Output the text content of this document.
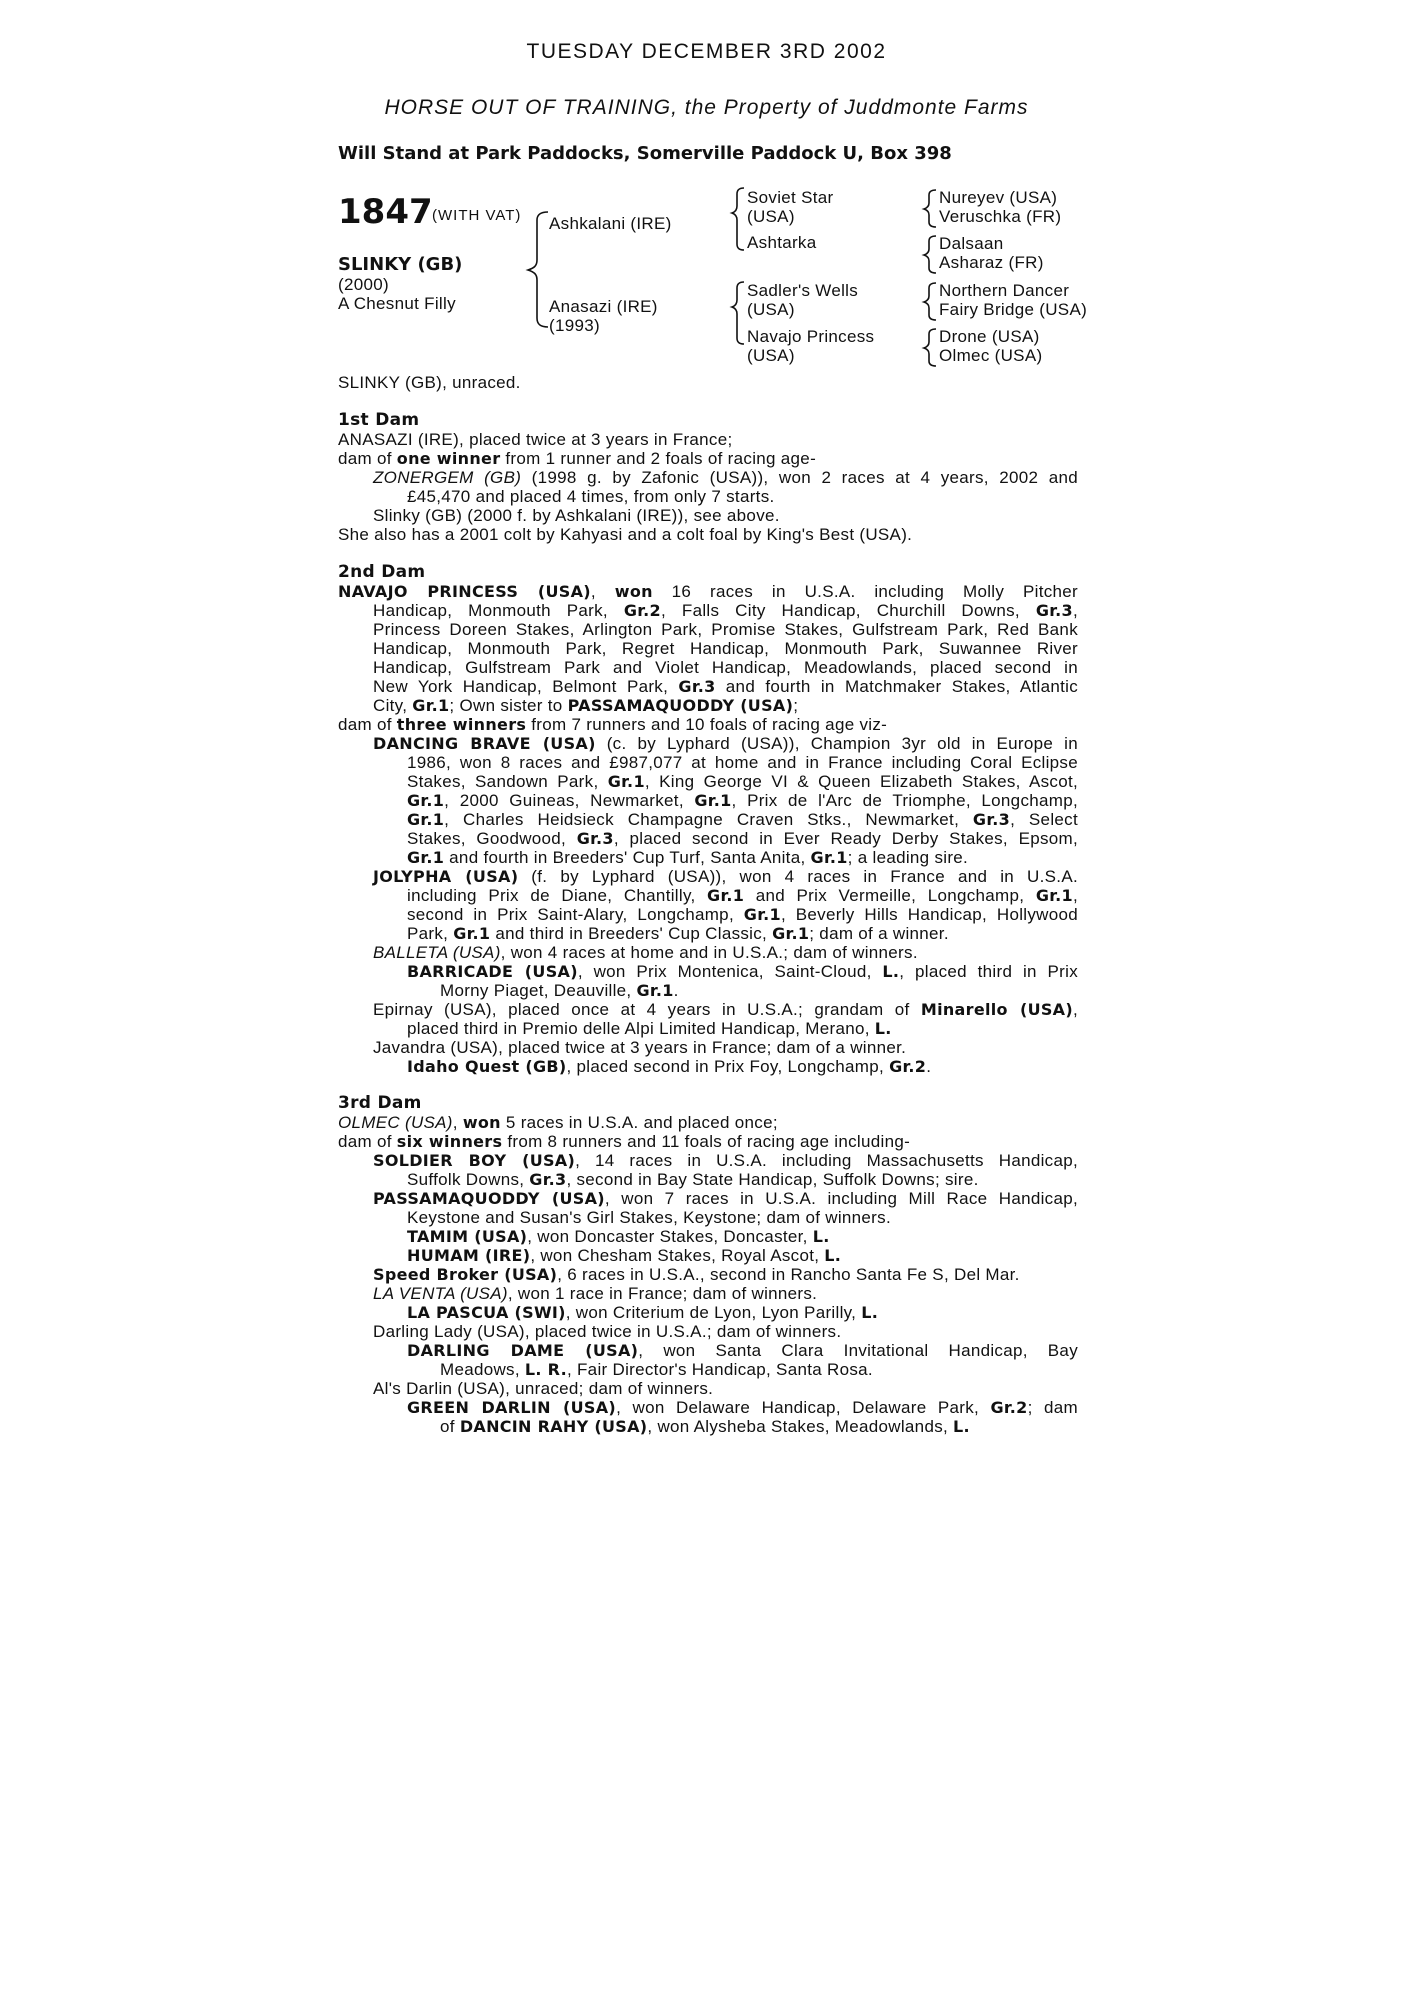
TUESDAY DECEMBER 3RD 2002
HORSE OUT OF TRAINING, the Property of Juddmonte Farms
Will Stand at Park Paddocks, Somerville Paddock U, Box 398
1847 (WITH VAT)
SLINKY (GB)
(2000)
A Chesnut Filly
Ashkalani (IRE)
Anasazi (IRE)
(1993)
Soviet Star
(USA)
Ashtarka
Sadler's Wells
(USA)
Navajo Princess
(USA)
Nureyev (USA)
Veruschka (FR)
Dalsaan
Asharaz (FR)
Northern Dancer
Fairy Bridge (USA)
Drone (USA)
Olmec (USA)
SLINKY (GB), unraced.
1st Dam
ANASAZI (IRE), placed twice at 3 years in France;
dam of one winner from 1 runner and 2 foals of racing age-
ZONERGEM (GB) (1998 g. by Zafonic (USA)), won 2 races at 4 years, 2002 and
£45,470 and placed 4 times, from only 7 starts.
Slinky (GB) (2000 f. by Ashkalani (IRE)), see above.
She also has a 2001 colt by Kahyasi and a colt foal by King's Best (USA).
2nd Dam
NAVAJO PRINCESS (USA), won 16 races in U.S.A. including Molly Pitcher
Handicap, Monmouth Park, Gr.2, Falls City Handicap, Churchill Downs, Gr.3,
Princess Doreen Stakes, Arlington Park, Promise Stakes, Gulfstream Park, Red Bank
Handicap, Monmouth Park, Regret Handicap, Monmouth Park, Suwannee River
Handicap, Gulfstream Park and Violet Handicap, Meadowlands, placed second in
New York Handicap, Belmont Park, Gr.3 and fourth in Matchmaker Stakes, Atlantic
City, Gr.1; Own sister to PASSAMAQUODDY (USA);
dam of three winners from 7 runners and 10 foals of racing age viz-
DANCING BRAVE (USA) (c. by Lyphard (USA)), Champion 3yr old in Europe in
1986, won 8 races and £987,077 at home and in France including Coral Eclipse
Stakes, Sandown Park, Gr.1, King George VI & Queen Elizabeth Stakes, Ascot,
Gr.1, 2000 Guineas, Newmarket, Gr.1, Prix de l'Arc de Triomphe, Longchamp,
Gr.1, Charles Heidsieck Champagne Craven Stks., Newmarket, Gr.3, Select
Stakes, Goodwood, Gr.3, placed second in Ever Ready Derby Stakes, Epsom,
Gr.1 and fourth in Breeders' Cup Turf, Santa Anita, Gr.1; a leading sire.
JOLYPHA (USA) (f. by Lyphard (USA)), won 4 races in France and in U.S.A.
including Prix de Diane, Chantilly, Gr.1 and Prix Vermeille, Longchamp, Gr.1,
second in Prix Saint-Alary, Longchamp, Gr.1, Beverly Hills Handicap, Hollywood
Park, Gr.1 and third in Breeders' Cup Classic, Gr.1; dam of a winner.
BALLETA (USA), won 4 races at home and in U.S.A.; dam of winners.
BARRICADE (USA), won Prix Montenica, Saint-Cloud, L., placed third in Prix
Morny Piaget, Deauville, Gr.1.
Epirnay (USA), placed once at 4 years in U.S.A.; grandam of Minarello (USA),
placed third in Premio delle Alpi Limited Handicap, Merano, L.
Javandra (USA), placed twice at 3 years in France; dam of a winner.
Idaho Quest (GB), placed second in Prix Foy, Longchamp, Gr.2.
3rd Dam
OLMEC (USA), won 5 races in U.S.A. and placed once;
dam of six winners from 8 runners and 11 foals of racing age including-
SOLDIER BOY (USA), 14 races in U.S.A. including Massachusetts Handicap,
Suffolk Downs, Gr.3, second in Bay State Handicap, Suffolk Downs; sire.
PASSAMAQUODDY (USA), won 7 races in U.S.A. including Mill Race Handicap,
Keystone and Susan's Girl Stakes, Keystone; dam of winners.
TAMIM (USA), won Doncaster Stakes, Doncaster, L.
HUMAM (IRE), won Chesham Stakes, Royal Ascot, L.
Speed Broker (USA), 6 races in U.S.A., second in Rancho Santa Fe S, Del Mar.
LA VENTA (USA), won 1 race in France; dam of winners.
LA PASCUA (SWI), won Criterium de Lyon, Lyon Parilly, L.
Darling Lady (USA), placed twice in U.S.A.; dam of winners.
DARLING DAME (USA), won Santa Clara Invitational Handicap, Bay
Meadows, L. R., Fair Director's Handicap, Santa Rosa.
Al's Darlin (USA), unraced; dam of winners.
GREEN DARLIN (USA), won Delaware Handicap, Delaware Park, Gr.2; dam
of DANCIN RAHY (USA), won Alysheba Stakes, Meadowlands, L.
